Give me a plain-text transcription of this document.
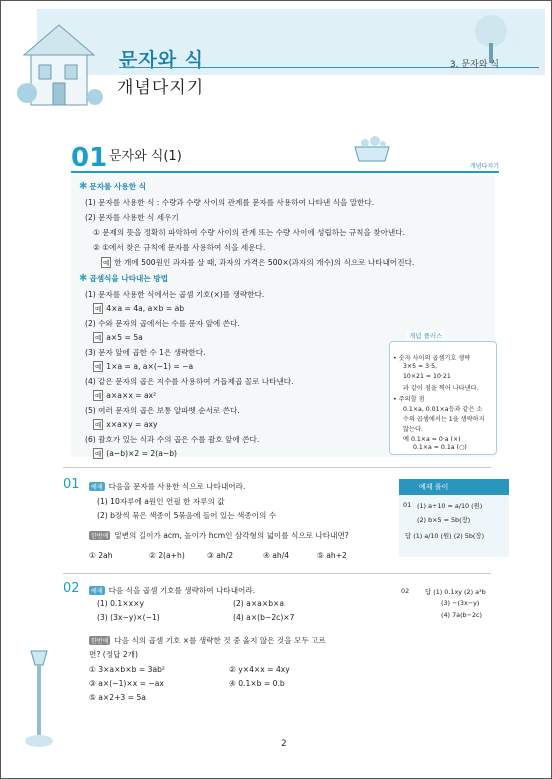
문자와 식
개념다지기
3. 문자와 식
01 문자와 식(1)
개념다지기
✱ 문자를 사용한 식
(1) 문자를 사용한 식 : 수량과 수량 사이의 관계를 문자를 사용하여 나타낸 식을 말한다.
(2) 문자를 사용한 식 세우기
① 문제의 뜻을 정확히 파악하여 수량 사이의 관계 또는 수량 사이에 성립하는 규칙을 찾아낸다.
② ①에서 찾은 규칙에 문자를 사용하여 식을 세운다.
예 한 개에 500원인 과자를 살 때, 과자의 가격은 500×(과자의 개수)의 식으로 나타내어진다.
✱ 곱셈식을 나타내는 방법
(1) 문자를 사용한 식에서는 곱셈 기호(×)를 생략한다.
예 4×a = 4a, a×b = ab
(2) 수와 문자의 곱에서는 수를 문자 앞에 쓴다.
예 a×5 = 5a
(3) 문자 앞에 곱한 수 1은 생략한다.
예 1×a = a, a×(−1) = −a
(4) 같은 문자의 곱은 지수를 사용하여 거듭제곱 꼴로 나타낸다.
예 a×a×x = ax²
(5) 여러 문자의 곱은 보통 알파벳 순서로 쓴다.
예 x×a×y = axy
(6) 괄호가 있는 식과 수의 곱은 수를 괄호 앞에 쓴다.
예 (a−b)×2 = 2(a−b)
개념 플러스
• 숫자 사이의 곱셈기호 생략
3×5 = 3·5,
10×21 = 10·21
과 같이 점을 찍어 나타낸다.
• 주의할 점
0.1×a, 0.01×a등과 같은 소
수의 곱셈에서는 1을 생략하지
않는다.
예 0.1×a = 0·a (×)
0.1×a = 0.1a (○)
01	예제 다음을 문자를 사용한 식으로 나타내어라.
(1) 10자루에 a원인 연필 한 자루의 값
(2) b장씩 묶은 색종이 5묶음에 들어 있는 색종이의 수
한번에 밑변의 길이가 acm, 높이가 hcm인 삼각형의 넓이를 식으로 나타내면?
① 2ah	② 2(a+h)	③ ah/2	④ ah/4	⑤ ah+2
예제 풀이
01 (1) a÷10 = a/10 (원)
(2) b×5 = 5b(장)
답 (1) a/10 (원) (2) 5b(장)
02	예제 다음 식을 곱셈 기호를 생략하여 나타내어라.
(1) 0.1×x×y	(2) a×a×b×a
(3) (3x−y)×(−1)	(4) a×(b−2c)×7
한번에 다음 식의 곱셈 기호 ×를 생략한 것 중 옳지 않은 것을 모두 고르
면? (정답 2개)
① 3×a×b×b = 3ab²	② y×4×x = 4xy
③ a×(−1)×x = −ax	④ 0.1×b = 0.b
⑤ a×2+3 = 5a
02 답 (1) 0.1xy (2) a³b
(3) −(3x−y)
(4) 7a(b−2c)
2
